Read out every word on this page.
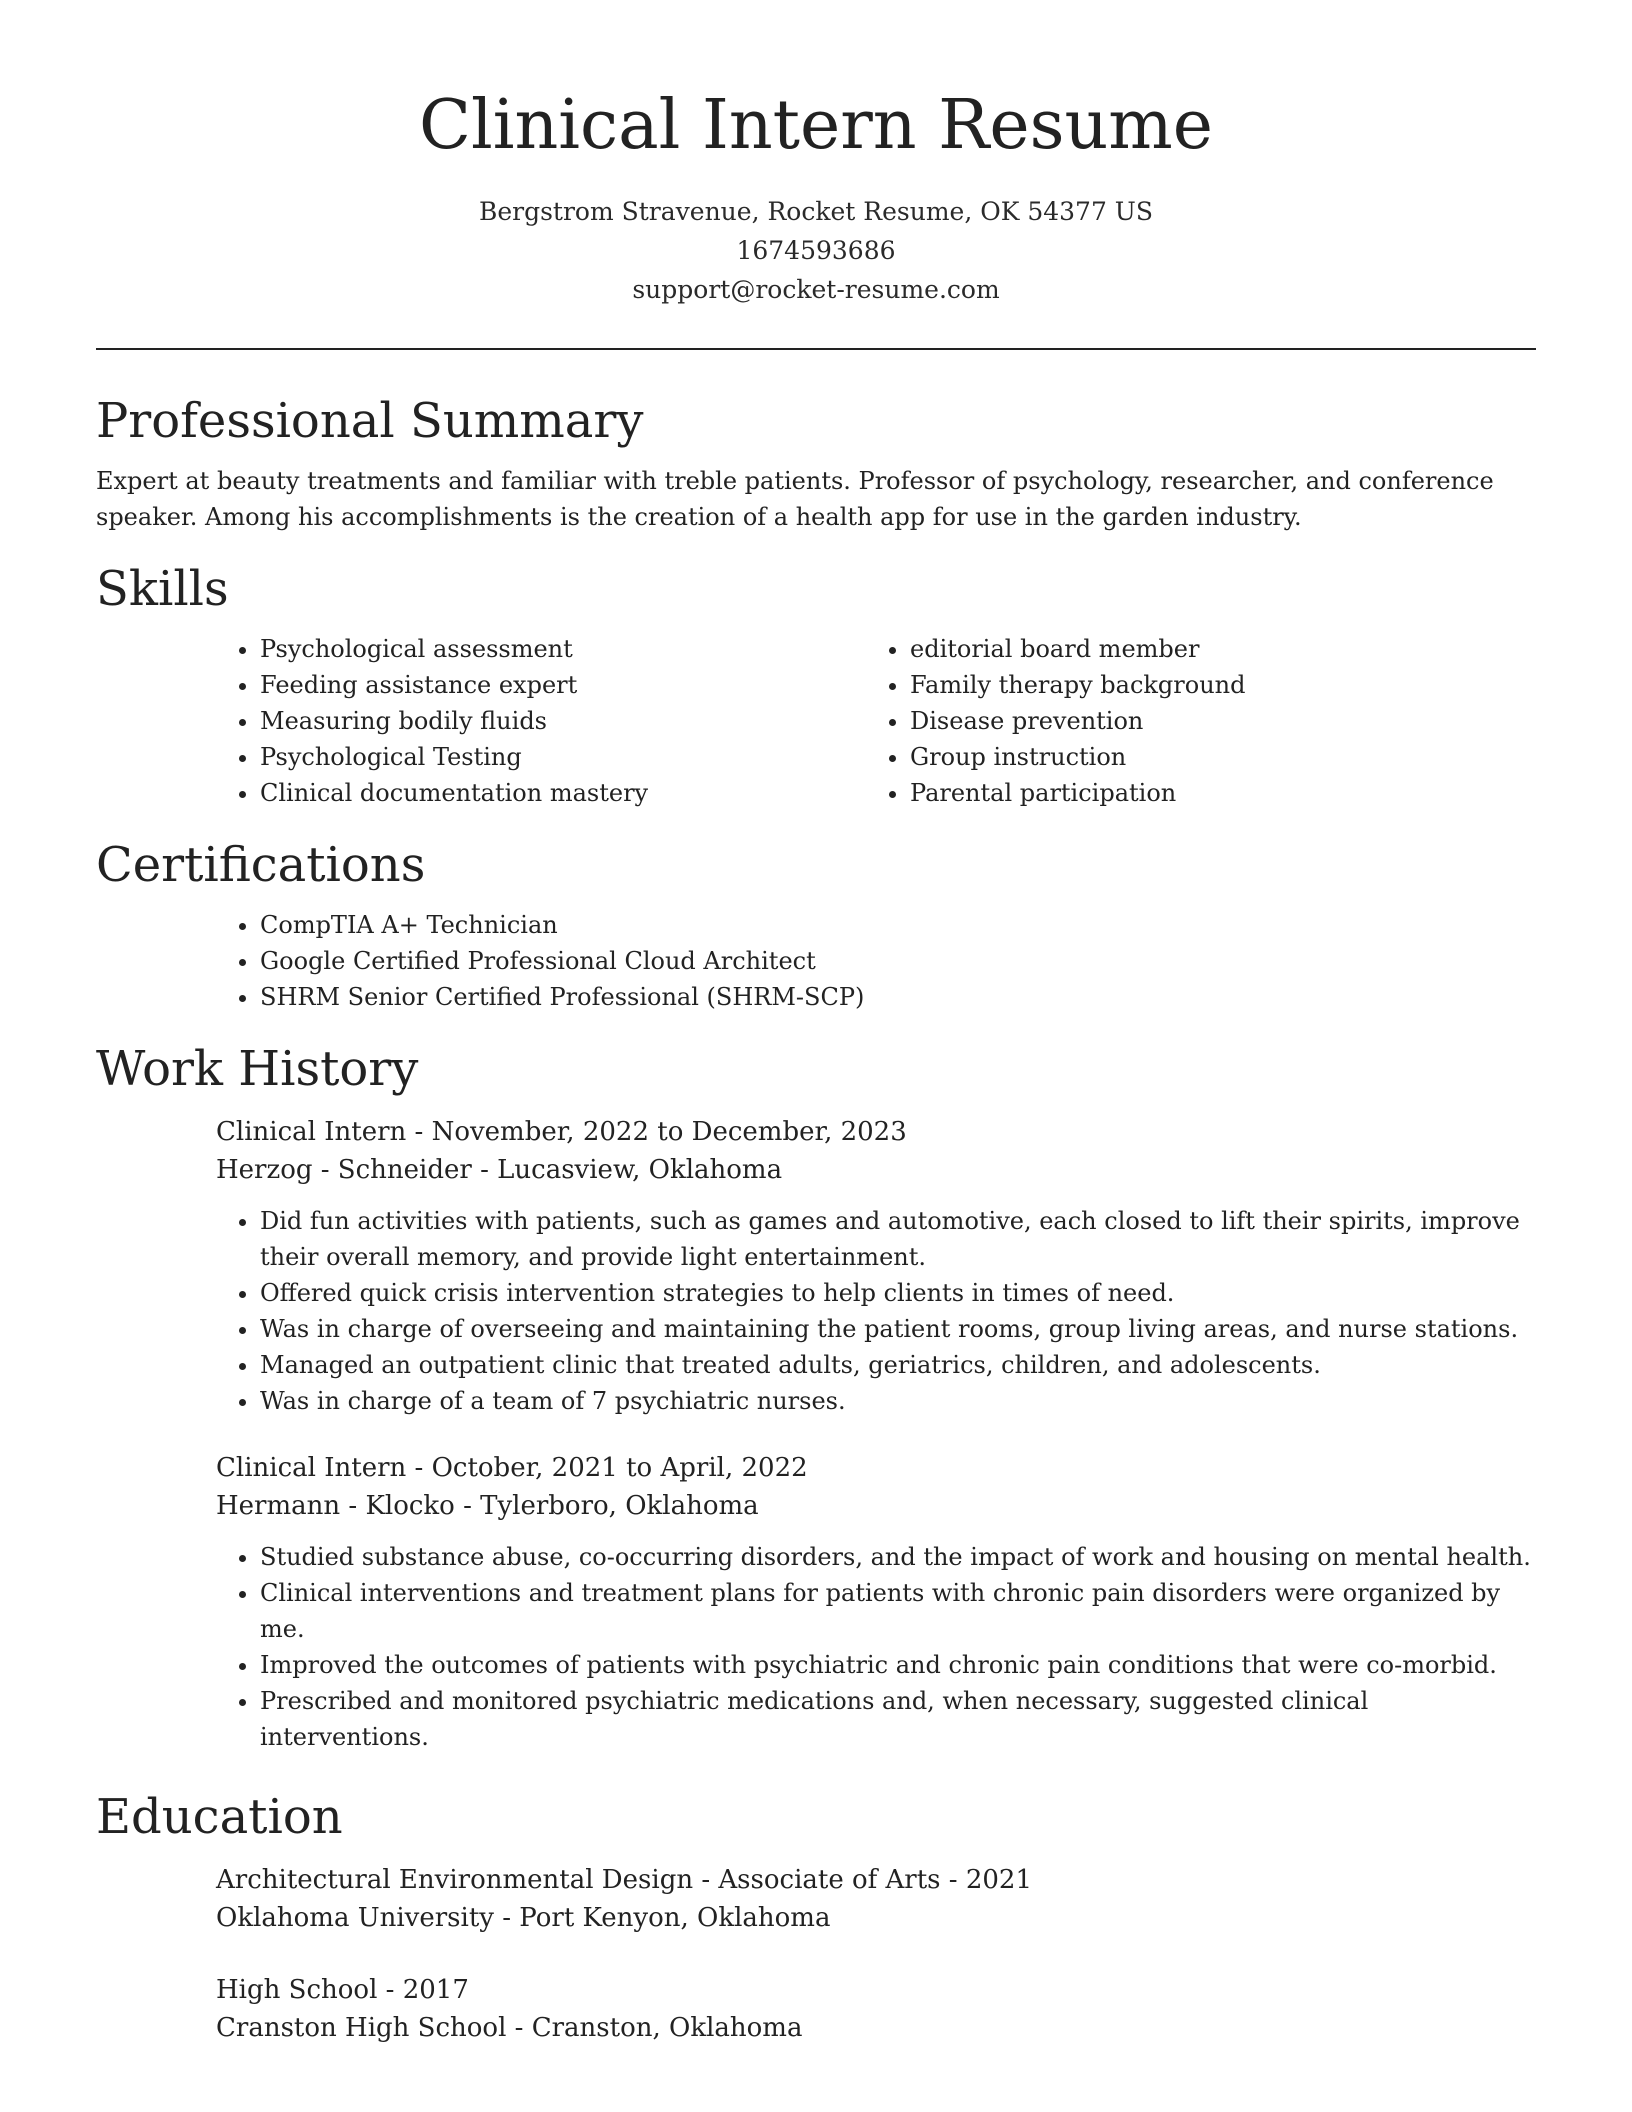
Clinical Intern Resume
Bergstrom Stravenue, Rocket Resume, OK 54377 US
1674593686
support@rocket-resume.com
Professional Summary

Expert at beauty treatments and familiar with treble patients. Professor of psychology, researcher, and conference speaker. Among his accomplishments is the creation of a health app for use in the garden industry.

Skills
• Psychological assessment
• Feeding assistance expert
• Measuring bodily fluids
• Psychological Testing
• Clinical documentation mastery
• editorial board member
• Family therapy background
• Disease prevention
• Group instruction
• Parental participation
Certifications
• CompTIA A+ Technician
• Google Certified Professional Cloud Architect
• SHRM Senior Certified Professional (SHRM-SCP)
Work History
Clinical Intern - November, 2022 to December, 2023
Herzog - Schneider - Lucasview, Oklahoma
• Did fun activities with patients, such as games and automotive, each closed to lift their spirits, improve their overall memory, and provide light entertainment.
• Offered quick crisis intervention strategies to help clients in times of need.
• Was in charge of overseeing and maintaining the patient rooms, group living areas, and nurse stations.
• Managed an outpatient clinic that treated adults, geriatrics, children, and adolescents.
• Was in charge of a team of 7 psychiatric nurses.
Clinical Intern - October, 2021 to April, 2022
Hermann - Klocko - Tylerboro, Oklahoma
• Studied substance abuse, co-occurring disorders, and the impact of work and housing on mental health.
• Clinical interventions and treatment plans for patients with chronic pain disorders were organized by me.
• Improved the outcomes of patients with psychiatric and chronic pain conditions that were co-morbid.
• Prescribed and monitored psychiatric medications and, when necessary, suggested clinical interventions.
Education
Architectural Environmental Design - Associate of Arts - 2021
Oklahoma University - Port Kenyon, Oklahoma
High School - 2017
Cranston High School - Cranston, Oklahoma
